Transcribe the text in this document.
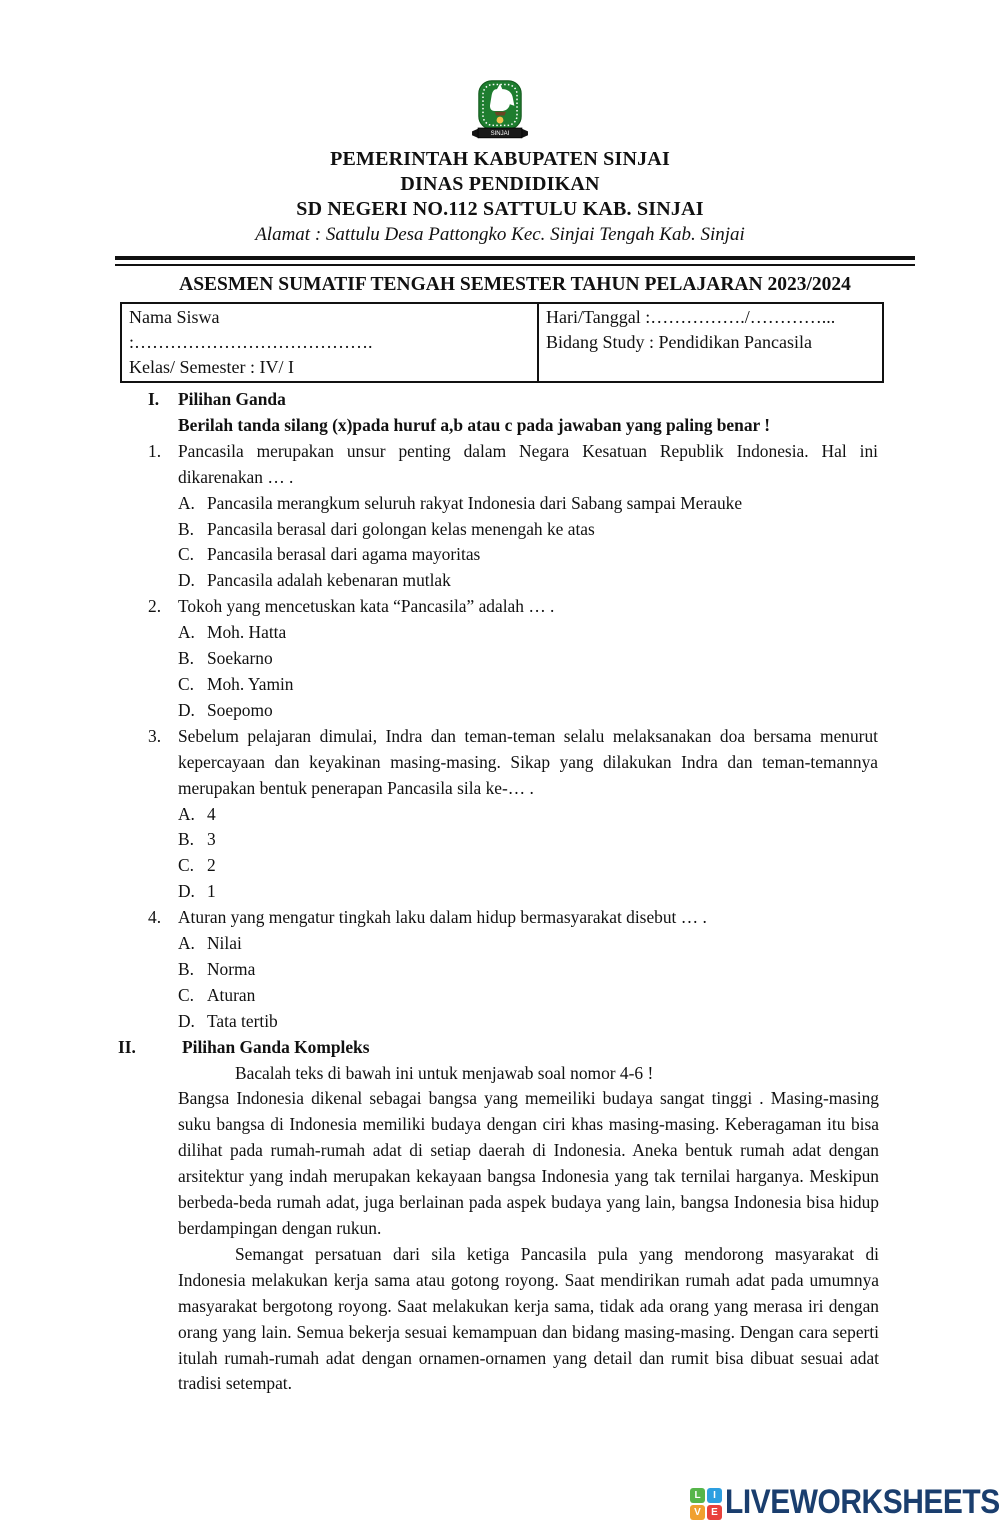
SINJAI
PEMERINTAH KABUPATEN SINJAI
DINAS PENDIDIKAN
SD NEGERI NO.112 SATTULU KAB. SINJAI
Alamat : Sattulu Desa Pattongko Kec. Sinjai Tengah Kab. Sinjai
ASESMEN SUMATIF TENGAH SEMESTER TAHUN PELAJARAN 2023/2024
Nama Siswa
:………………………………….
Kelas/ Semester : IV/ I

Hari/Tanggal :……………./…………...
Bidang Study : Pendidikan Pancasila
I.	Pilihan Ganda
Berilah tanda silang (x)pada huruf a,b atau c pada jawaban yang paling benar !
1. Pancasila merupakan unsur penting dalam Negara Kesatuan Republik Indonesia. Hal ini dikarenakan … .
A. Pancasila merangkum seluruh rakyat Indonesia dari Sabang sampai Merauke
B. Pancasila berasal dari golongan kelas menengah ke atas
C. Pancasila berasal dari agama mayoritas
D. Pancasila adalah kebenaran mutlak
2. Tokoh yang mencetuskan kata “Pancasila” adalah … .
A. Moh. Hatta
B. Soekarno
C. Moh. Yamin
D. Soepomo
3. Sebelum pelajaran dimulai, Indra dan teman-teman selalu melaksanakan doa bersama menurut kepercayaan dan keyakinan masing-masing. Sikap yang dilakukan Indra dan teman-temannya merupakan bentuk penerapan Pancasila sila ke-… .
A. 4
B. 3
C. 2
D. 1
4. Aturan yang mengatur tingkah laku dalam hidup bermasyarakat disebut … .
A. Nilai
B. Norma
C. Aturan
D. Tata tertib
II.	Pilihan Ganda Kompleks
Bacalah teks di bawah ini untuk menjawab soal nomor 4-6 !
Bangsa Indonesia dikenal sebagai bangsa yang memeiliki budaya sangat tinggi . Masing-masing suku bangsa di Indonesia memiliki budaya dengan ciri khas masing-masing. Keberagaman itu bisa dilihat pada rumah-rumah adat di setiap daerah di Indonesia. Aneka bentuk rumah adat dengan arsitektur yang indah merupakan kekayaan bangsa Indonesia yang tak ternilai harganya. Meskipun berbeda-beda rumah adat, juga berlainan pada aspek budaya yang lain, bangsa Indonesia bisa hidup berdampingan dengan rukun.
Semangat persatuan dari sila ketiga Pancasila pula yang mendorong masyarakat di Indonesia melakukan kerja sama atau gotong royong. Saat mendirikan rumah adat pada umumnya masyarakat bergotong royong. Saat melakukan kerja sama, tidak ada orang yang merasa iri dengan orang yang lain. Semua bekerja sesuai kemampuan dan bidang masing-masing. Dengan cara seperti itulah rumah-rumah adat dengan ornamen-ornamen yang detail dan rumit bisa dibuat sesuai adat tradisi setempat.
L	I
V	E LIVEWORKSHEETS
